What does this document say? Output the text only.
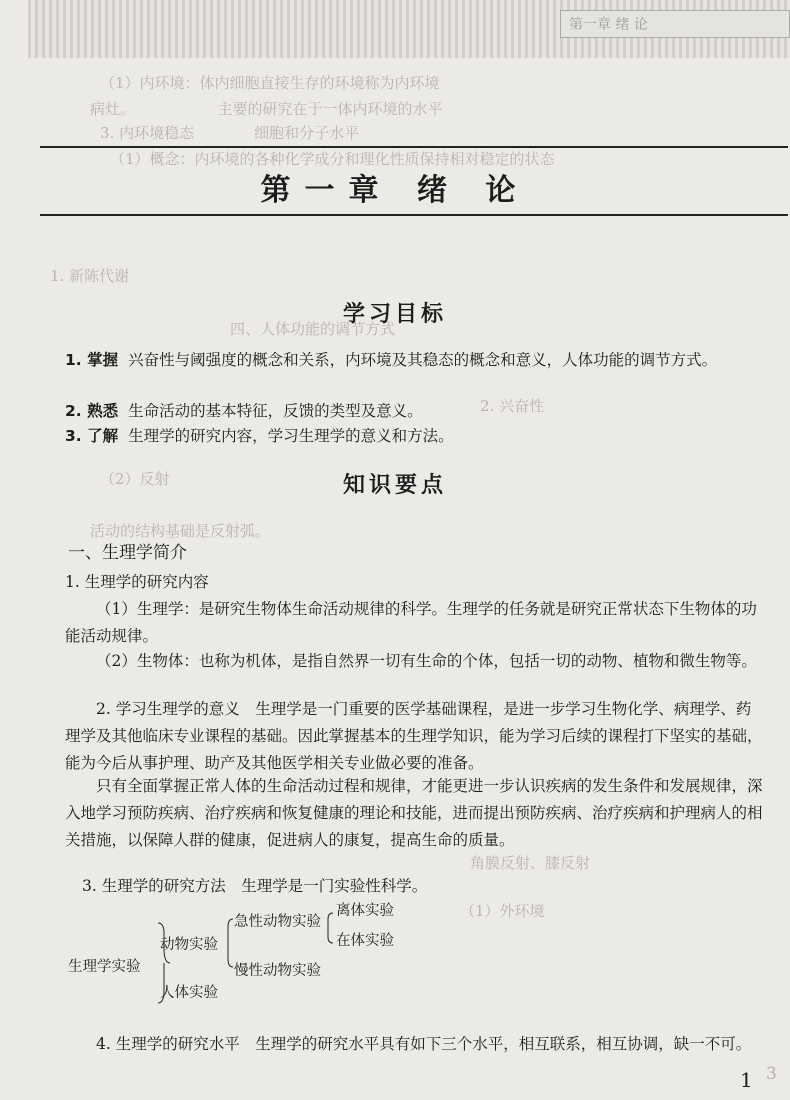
第一章 绪 论
（1）内环境：体内细胞直接生存的环境称为内环境
病灶。　　　　　　主要的研究在于一体内环境的水平
3. 内环境稳态　　　　细胞和分子水平
（1）概念：内环境的各种化学成分和理化性质保持相对稳定的状态
1. 新陈代谢
四、人体功能的调节方式
2. 兴奋性
（2）反射
活动的结构基础是反射弧。
角膜反射、膝反射
（1）外环境
第一章 绪 论
学习目标
1. 掌握 兴奋性与阈强度的概念和关系，内环境及其稳态的概念和意义，人体功能的调节方式。
2. 熟悉 生命活动的基本特征，反馈的类型及意义。
3. 了解 生理学的研究内容，学习生理学的意义和方法。
知识要点
一、生理学简介
1. 生理学的研究内容
（1）生理学：是研究生物体生命活动规律的科学。生理学的任务就是研究正常状态下生物体的功能活动规律。
（2）生物体：也称为机体，是指自然界一切有生命的个体，包括一切的动物、植物和微生物等。
2. 学习生理学的意义　生理学是一门重要的医学基础课程，是进一步学习生物化学、病理学、药理学及其他临床专业课程的基础。因此掌握基本的生理学知识，能为学习后续的课程打下坚实的基础，能为今后从事护理、助产及其他医学相关专业做必要的准备。
只有全面掌握正常人体的生命活动过程和规律，才能更进一步认识疾病的发生条件和发展规律，深入地学习预防疾病、治疗疾病和恢复健康的理论和技能，进而提出预防疾病、治疗疾病和护理病人的相关措施，以保障人群的健康，促进病人的康复，提高生命的质量。
3. 生理学的研究方法　生理学是一门实验性科学。
生理学实验
动物实验
人体实验
急性动物实验
慢性动物实验
离体实验
在体实验
4. 生理学的研究水平　生理学的研究水平具有如下三个水平，相互联系，相互协调，缺一不可。
1 3
